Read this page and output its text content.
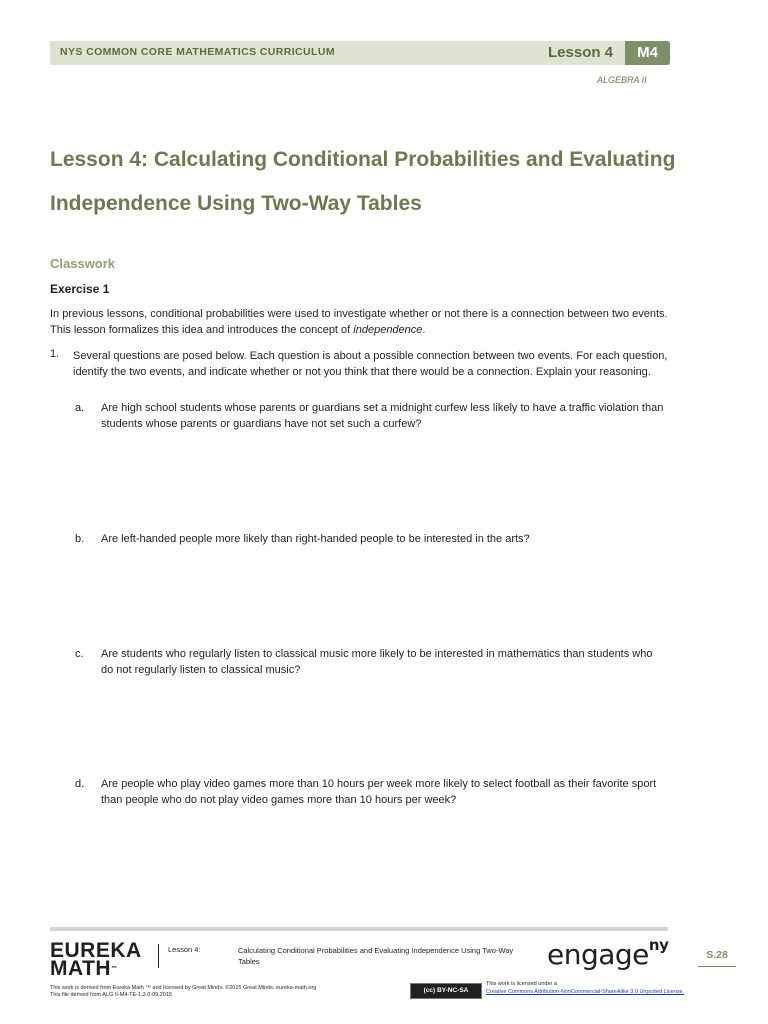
NYS COMMON CORE MATHEMATICS CURRICULUM	Lesson 4	M4
ALGEBRA II
Lesson 4: Calculating Conditional Probabilities and Evaluating
Independence Using Two-Way Tables
Classwork
Exercise 1
In previous lessons, conditional probabilities were used to investigate whether or not there is a connection between two events. This lesson formalizes this idea and introduces the concept of independence.
1. Several questions are posed below. Each question is about a possible connection between two events. For each question, identify the two events, and indicate whether or not you think that there would be a connection. Explain your reasoning.
a. Are high school students whose parents or guardians set a midnight curfew less likely to have a traffic violation than students whose parents or guardians have not set such a curfew?
b. Are left-handed people more likely than right-handed people to be interested in the arts?
c. Are students who regularly listen to classical music more likely to be interested in mathematics than students who do not regularly listen to classical music?
d. Are people who play video games more than 10 hours per week more likely to select football as their favorite sport than people who do not play video games more than 10 hours per week?
EUREKA
MATH™
Lesson 4:	Calculating Conditional Probabilities and Evaluating Independence Using Two-Way Tables	engage$^{ny}$
S.28
This work is derived from Eureka Math ™ and licensed by Great Minds. ©2015 Great Minds. eureka-math.org
This file derived from ALG II-M4-TE-1.3.0-09.2015
(cc) BY-NC-SA
This work is licensed under a
Creative Commons Attribution-NonCommercial-ShareAlike 3.0 Unported License.
